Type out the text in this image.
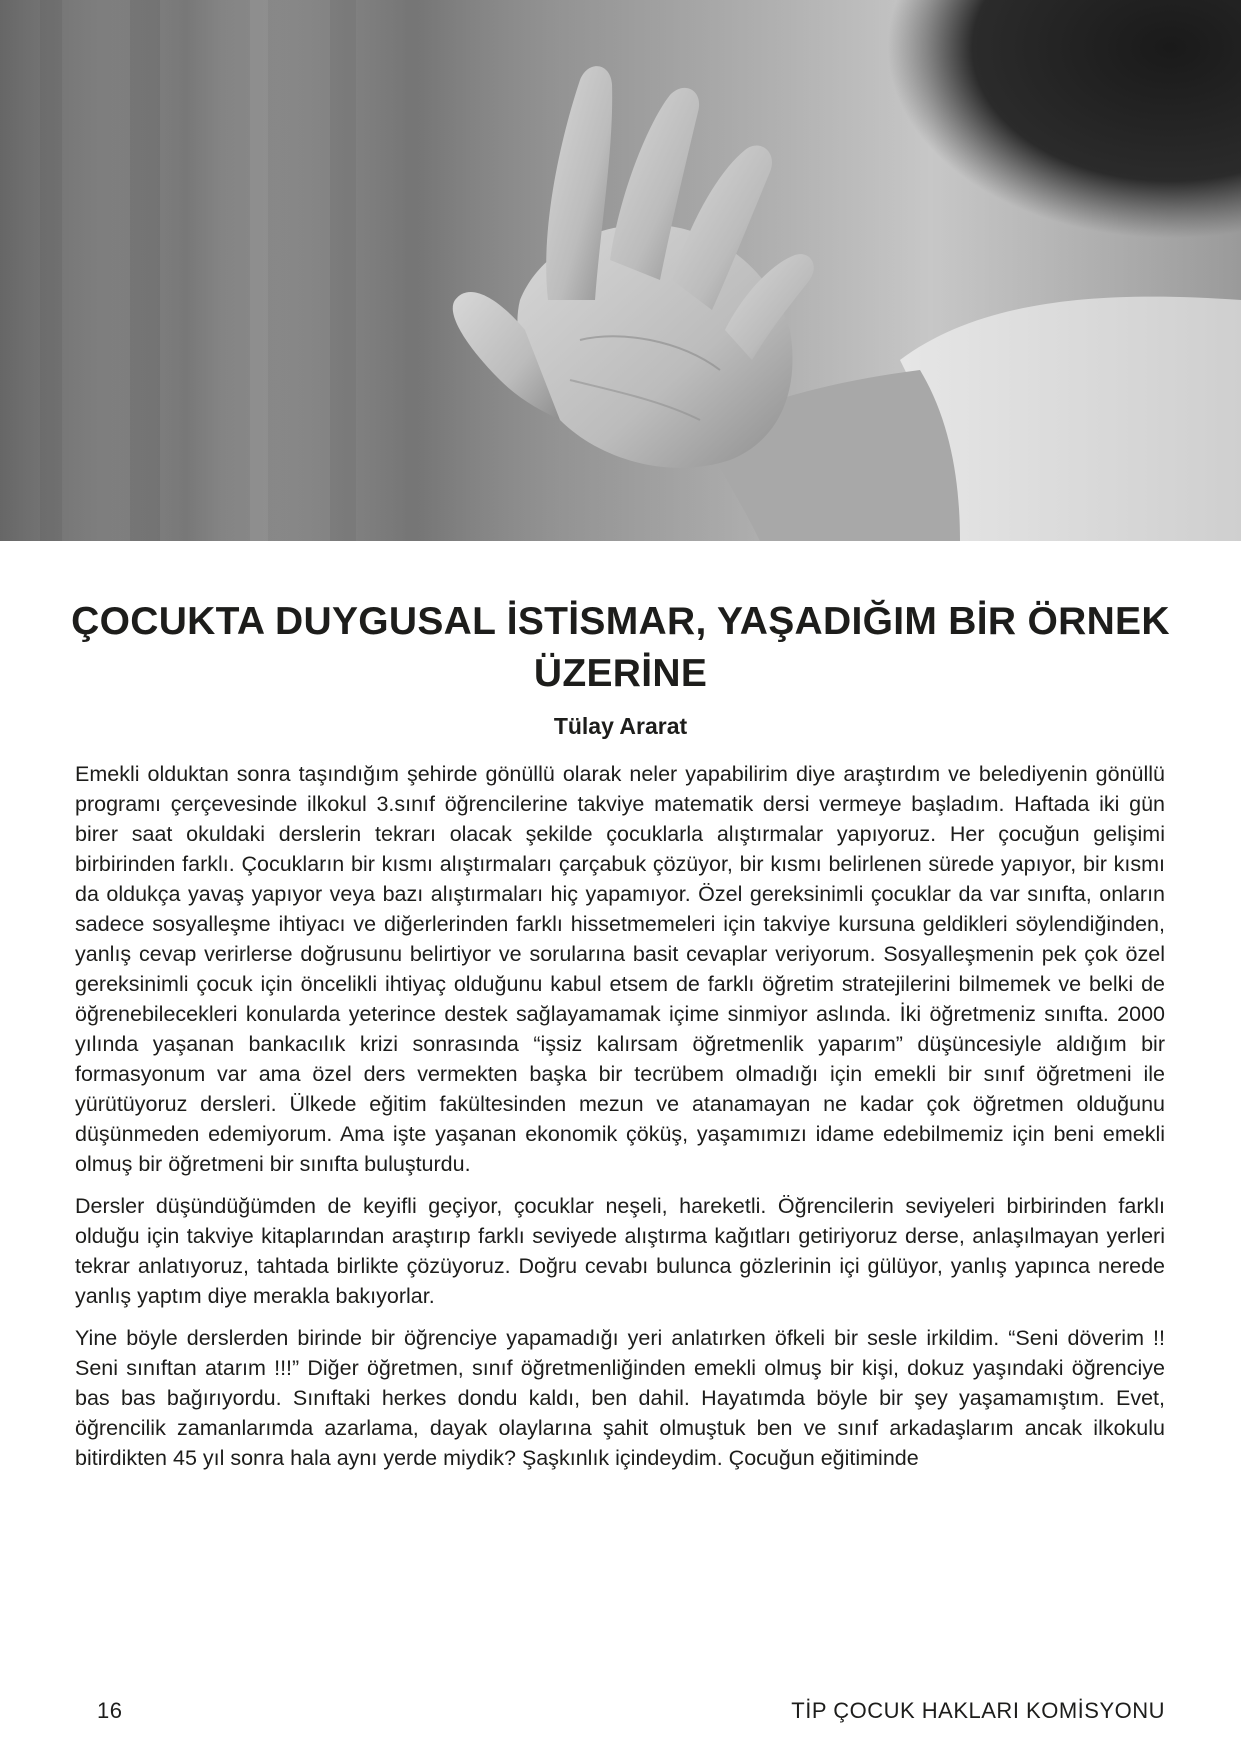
ÇOCUKTA DUYGUSAL İSTİSMAR, YAŞADIĞIM BİR ÖRNEK ÜZERİNE

Tülay Ararat

Emekli olduktan sonra taşındığım şehirde gönüllü olarak neler yapabilirim diye araştırdım ve belediyenin gönüllü programı çerçevesinde ilkokul 3.sınıf öğrencilerine takviye matematik dersi vermeye başladım. Haftada iki gün birer saat okuldaki derslerin tekrarı olacak şekilde çocuklarla alıştırmalar yapıyoruz. Her çocuğun gelişimi birbirinden farklı. Çocukların bir kısmı alıştırmaları çarçabuk çözüyor, bir kısmı belirlenen sürede yapıyor, bir kısmı da oldukça yavaş yapıyor veya bazı alıştırmaları hiç yapamıyor. Özel gereksinimli çocuklar da var sınıfta, onların sadece sosyalleşme ihtiyacı ve diğerlerinden farklı hissetmemeleri için takviye kursuna geldikleri söylendiğinden, yanlış cevap verirlerse doğrusunu belirtiyor ve sorularına basit cevaplar veriyorum. Sosyalleşmenin pek çok özel gereksinimli çocuk için öncelikli ihtiyaç olduğunu kabul etsem de farklı öğretim stratejilerini bilmemek ve belki de öğrenebilecekleri konularda yeterince destek sağlayamamak içime sinmiyor aslında. İki öğretmeniz sınıfta. 2000 yılında yaşanan bankacılık krizi sonrasında “işsiz kalırsam öğretmenlik yaparım” düşüncesiyle aldığım bir formasyonum var ama özel ders vermekten başka bir tecrübem olmadığı için emekli bir sınıf öğretmeni ile yürütüyoruz dersleri. Ülkede eğitim fakültesinden mezun ve atanamayan ne kadar çok öğretmen olduğunu düşünmeden edemiyorum. Ama işte yaşanan ekonomik çöküş, yaşamımızı idame edebilmemiz için beni emekli olmuş bir öğretmeni bir sınıfta buluşturdu.

Dersler düşündüğümden de keyifli geçiyor, çocuklar neşeli, hareketli. Öğrencilerin seviyeleri birbirinden farklı olduğu için takviye kitaplarından araştırıp farklı seviyede alıştırma kağıtları getiriyoruz derse, anlaşılmayan yerleri tekrar anlatıyoruz, tahtada birlikte çözüyoruz. Doğru cevabı bulunca gözlerinin içi gülüyor, yanlış yapınca nerede yanlış yaptım diye merakla bakıyorlar.

Yine böyle derslerden birinde bir öğrenciye yapamadığı yeri anlatırken öfkeli bir sesle irkildim. “Seni döverim !! Seni sınıftan atarım !!!” Diğer öğretmen, sınıf öğretmenliğinden emekli olmuş bir kişi, dokuz yaşındaki öğrenciye bas bas bağırıyordu. Sınıftaki herkes dondu kaldı, ben dahil. Hayatımda böyle bir şey yaşamamıştım. Evet, öğrencilik zamanlarımda azarlama, dayak olaylarına şahit olmuştuk ben ve sınıf arkadaşlarım ancak ilkokulu bitirdikten 45 yıl sonra hala aynı yerde miydik? Şaşkınlık içindeydim. Çocuğun eğitiminde

16	TİP ÇOCUK HAKLARI KOMİSYONU
